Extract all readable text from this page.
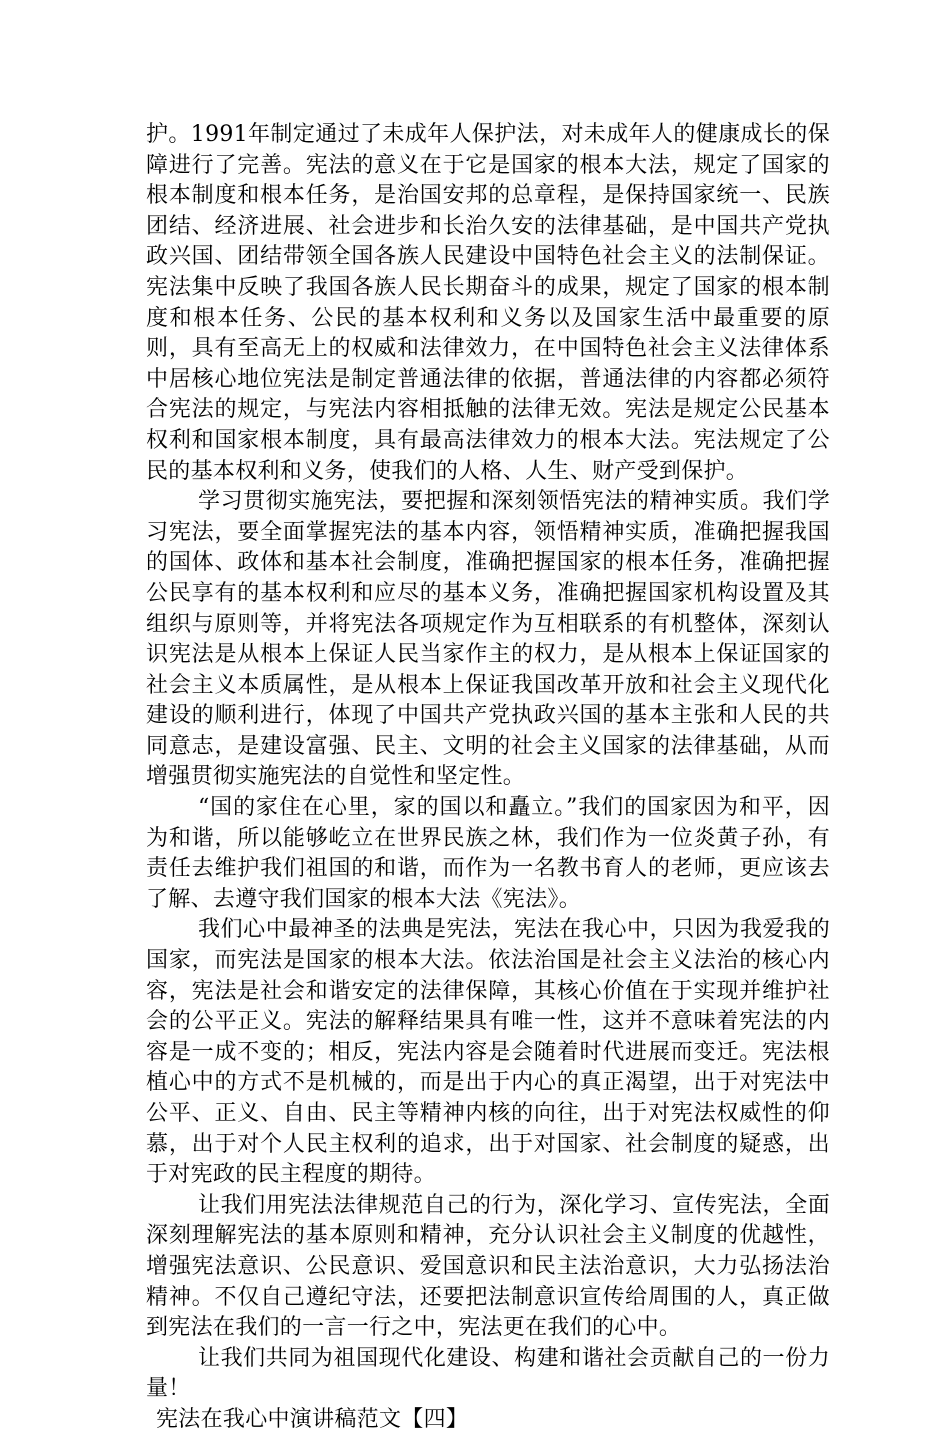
护。1991年制定通过了未成年人保护法，对未成年人的健康成长的保障进行了完善。宪法的意义在于它是国家的根本大法，规定了国家的根本制度和根本任务，是治国安邦的总章程，是保持国家统一、民族团结、经济进展、社会进步和长治久安的法律基础，是中国共产党执政兴国、团结带领全国各族人民建设中国特色社会主义的法制保证。宪法集中反映了我国各族人民长期奋斗的成果，规定了国家的根本制度和根本任务、公民的基本权利和义务以及国家生活中最重要的原则，具有至高无上的权威和法律效力，在中国特色社会主义法律体系中居核心地位宪法是制定普通法律的依据，普通法律的内容都必须符合宪法的规定，与宪法内容相抵触的法律无效。宪法是规定公民基本权利和国家根本制度，具有最高法律效力的根本大法。宪法规定了公民的基本权利和义务，使我们的人格、人生、财产受到保护。

学习贯彻实施宪法，要把握和深刻领悟宪法的精神实质。我们学习宪法，要全面掌握宪法的基本内容，领悟精神实质，准确把握我国的国体、政体和基本社会制度，准确把握国家的根本任务，准确把握公民享有的基本权利和应尽的基本义务，准确把握国家机构设置及其组织与原则等，并将宪法各项规定作为互相联系的有机整体，深刻认识宪法是从根本上保证人民当家作主的权力，是从根本上保证国家的社会主义本质属性，是从根本上保证我国改革开放和社会主义现代化建设的顺利进行，体现了中国共产党执政兴国的基本主张和人民的共同意志，是建设富强、民主、文明的社会主义国家的法律基础，从而增强贯彻实施宪法的自觉性和坚定性。

“国的家住在心里，家的国以和矗立。”我们的国家因为和平，因为和谐，所以能够屹立在世界民族之林，我们作为一位炎黄子孙，有责任去维护我们祖国的和谐，而作为一名教书育人的老师，更应该去了解、去遵守我们国家的根本大法《宪法》。

我们心中最神圣的法典是宪法，宪法在我心中，只因为我爱我的国家，而宪法是国家的根本大法。依法治国是社会主义法治的核心内容，宪法是社会和谐安定的法律保障，其核心价值在于实现并维护社会的公平正义。宪法的解释结果具有唯一性，这并不意味着宪法的内容是一成不变的；相反，宪法内容是会随着时代进展而变迁。宪法根植心中的方式不是机械的，而是出于内心的真正渴望，出于对宪法中公平、正义、自由、民主等精神内核的向往，出于对宪法权威性的仰慕，出于对个人民主权利的追求，出于对国家、社会制度的疑惑，出于对宪政的民主程度的期待。

让我们用宪法法律规范自己的行为，深化学习、宣传宪法，全面深刻理解宪法的基本原则和精神，充分认识社会主义制度的优越性，增强宪法意识、公民意识、爱国意识和民主法治意识，大力弘扬法治精神。不仅自己遵纪守法，还要把法制意识宣传给周围的人，真正做到宪法在我们的一言一行之中，宪法更在我们的心中。

让我们共同为祖国现代化建设、构建和谐社会贡献自己的一份力量！

宪法在我心中演讲稿范文【四】
